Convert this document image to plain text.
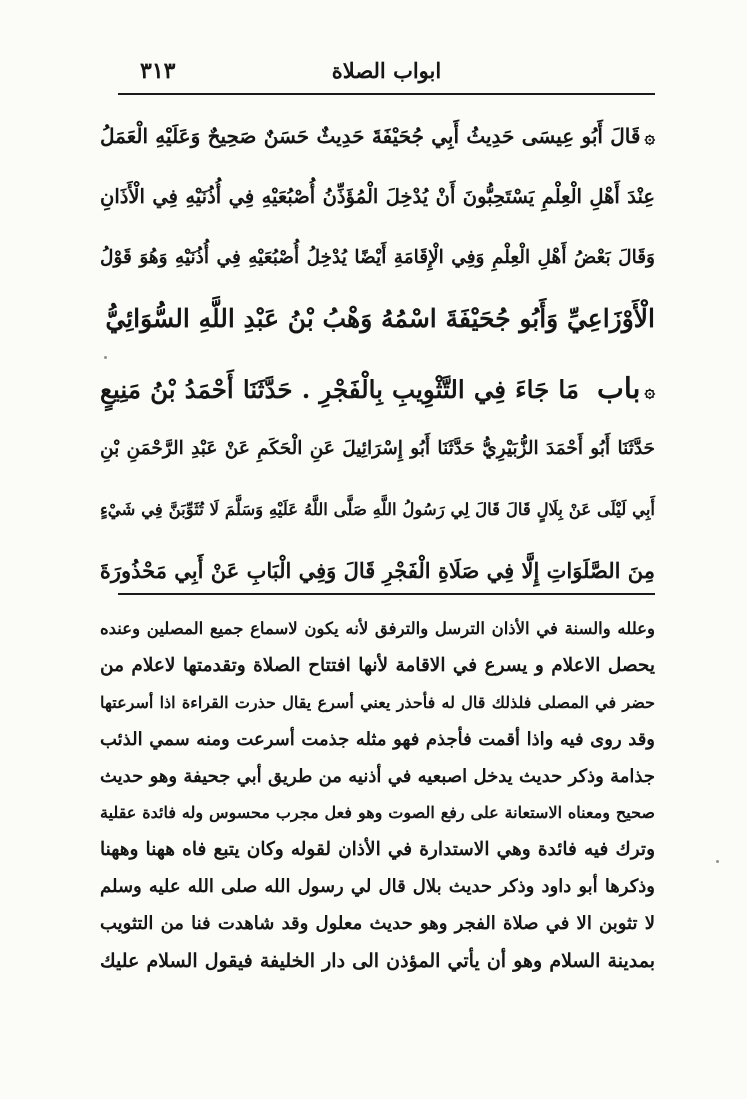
٣١٣	ابواب الصلاة
۞قَالَ أَبُو عِيسَى حَدِيثُ أَبِي جُحَيْفَةَ حَدِيثٌ حَسَنٌ صَحِيحٌ وَعَلَيْهِ الْعَمَلُ
عِنْدَ أَهْلِ الْعِلْمِ يَسْتَحِبُّونَ أَنْ يُدْخِلَ الْمُؤَذِّنُ أُصْبُعَيْهِ فِي أُذُنَيْهِ فِي الْأَذَانِ
وَقَالَ بَعْضُ أَهْلِ الْعِلْمِ وَفِي الْإِقَامَةِ أَيْضًا يُدْخِلُ أُصْبُعَيْهِ فِي أُذُنَيْهِ وَهُوَ قَوْلُ
الْأَوْزَاعِيِّ وَأَبُو جُحَيْفَةَ اسْمُهُ وَهْبُ بْنُ عَبْدِ اللَّهِ السُّوَائِيُّ
۞بابمَا جَاءَ فِي التَّثْوِيبِ بِالْفَجْرِ . حَدَّثَنَا أَحْمَدُ بْنُ مَنِيعٍ
حَدَّثَنَا أَبُو أَحْمَدَ الزُّبَيْرِيُّ حَدَّثَنَا أَبُو إِسْرَائِيلَ عَنِ الْحَكَمِ عَنْ عَبْدِ الرَّحْمَنِ بْنِ
أَبِي لَيْلَى عَنْ بِلَالٍ قَالَ قَالَ لِي رَسُولُ اللَّهِ صَلَّى اللَّهُ عَلَيْهِ وَسَلَّمَ لَا تُثَوِّبَنَّ فِي شَيْءٍ
مِنَ الصَّلَوَاتِ إِلَّا فِي صَلَاةِ الْفَجْرِ قَالَ وَفِي الْبَابِ عَنْ أَبِي مَحْذُورَةَ
وعلله والسنة في الأذان الترسل والترفق لأنه يكون لاسماع جميع المصلين وعنده
يحصل الاعلام و يسرع في الاقامة لأنها افتتاح الصلاة وتقدمتها لاعلام من
حضر في المصلى فلذلك قال له فأحذر يعني أسرع يقال حذرت القراءة اذا أسرعتها
وقد روى فيه واذا أقمت فأجذم فهو مثله جذمت أسرعت ومنه سمي الذئب
جذامة وذكر حديث يدخل اصبعيه في أذنيه من طريق أبي جحيفة وهو حديث
صحيح ومعناه الاستعانة على رفع الصوت وهو فعل مجرب محسوس وله فائدة عقلية
وترك فيه فائدة وهي الاستدارة في الأذان لقوله وكان يتبع فاه ههنا وههنا
وذكرها أبو داود وذكر حديث بلال قال لي رسول الله صلى الله عليه وسلم
لا تثوبن الا في صلاة الفجر وهو حديث معلول وقد شاهدت فنا من التثويب
بمدينة السلام وهو أن يأتي المؤذن الى دار الخليفة فيقول السلام عليك
